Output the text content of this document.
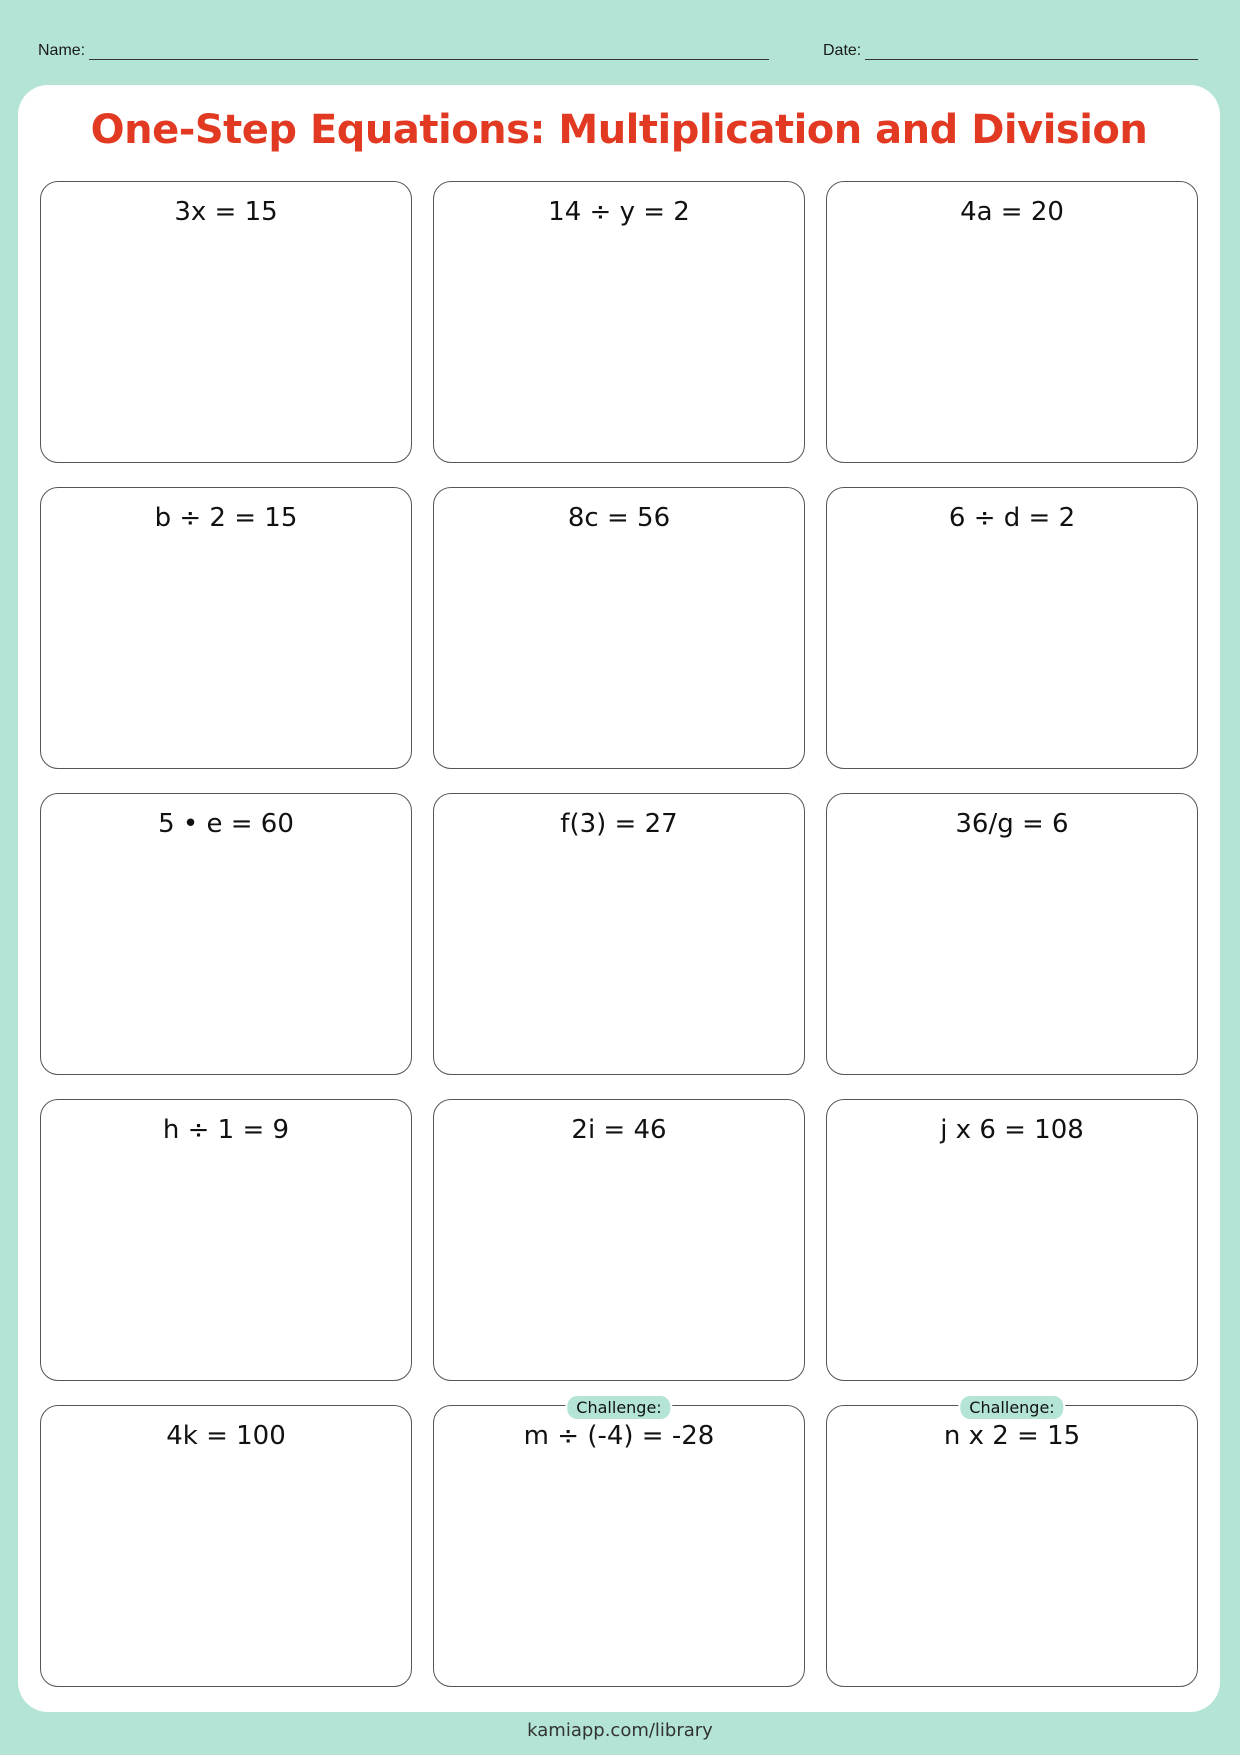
Name:	Date:
One-Step Equations: Multiplication and Division
3x = 15	14 ÷ y = 2	4a = 20
b ÷ 2 = 15	8c = 56	6 ÷ d = 2
5 • e = 60	f(3) = 27	36/g = 6
h ÷ 1 = 9	2i = 46	j x 6 = 108
4k = 100
Challenge:
m ÷ (-4) = -28
Challenge:
n x 2 = 15
kamiapp.com/library
